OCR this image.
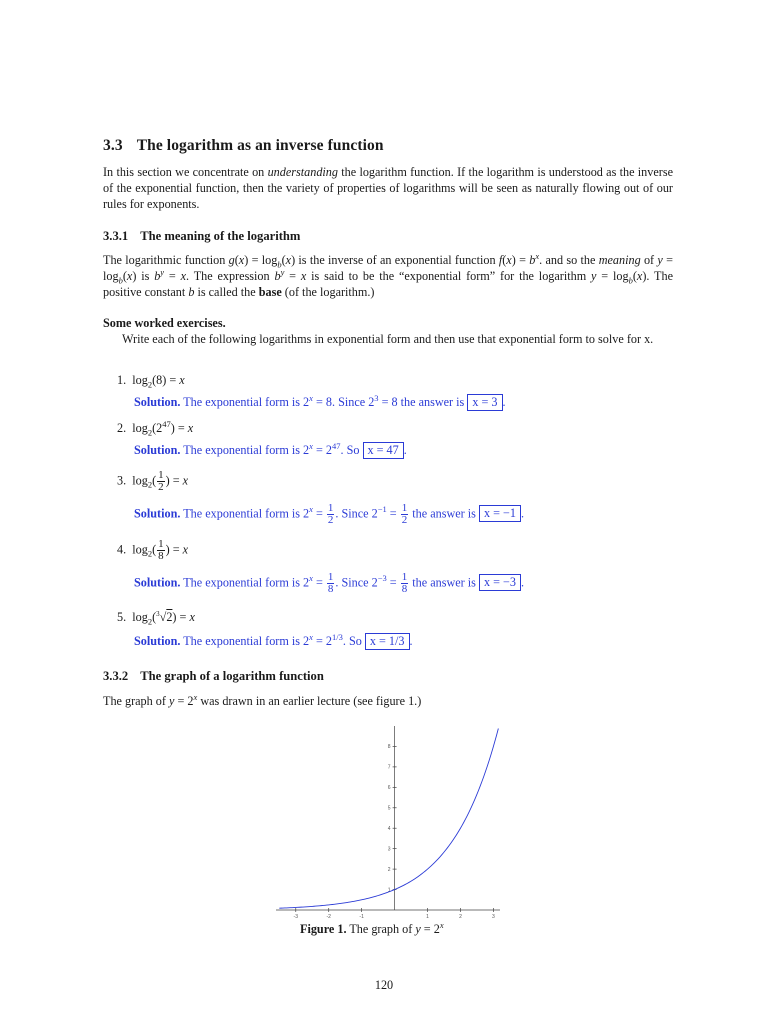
3.3 The logarithm as an inverse function
In this section we concentrate on understanding the logarithm function. If the logarithm is understood as the inverse of the exponential function, then the variety of properties of logarithms will be seen as naturally flowing out of our rules for exponents.
3.3.1 The meaning of the logarithm
The logarithmic function $g(x) = \log_b(x)$ is the inverse of an exponential function $f(x) = b^x$. and so the meaning of $y = \log_b(x)$ is $b^y = x$. The expression $b^y = x$ is said to be the “exponential form” for the logarithm $y = \log_b(x)$. The positive constant b is called the base (of the logarithm.)
Some worked exercises.
Write each of the following logarithms in exponential form and then use that exponential form to solve for x.
1.  $\log_2(8) = x$
Solution. The exponential form is $2^x = 8$. Since $2^3 = 8$ the answer is x = 3 .
2.  $\log_2(2^{47}) = x$
Solution. The exponential form is $2^x = 2^{47}$. So x = 47 .
3.  $\log_2( \frac{1}{2}$ ) = x
Solution. The exponential form is $2^x = \frac{1}{2}$ . Since $2^{-1} = \frac{1}{2}$ the answer is x = −1 .
4.  $\log_2( \frac{1}{8}$ ) = x
Solution. The exponential form is $2^x = \frac{1}{8}$ . Since $2^{-3} = \frac{1}{8}$ the answer is x = −3 .
5.  $\log_2(^3√2) = x$
Solution. The exponential form is $2^x = 2^{1/3}$. So x = 1/3 .
3.3.2 The graph of a logarithm function
The graph of $y = 2^x$ was drawn in an earlier lecture (see figure 1.)
-3	-2	-1	1	2	3
1
2
3
4
5
6
7
8
Figure 1. The graph of $y = 2^x$
120
